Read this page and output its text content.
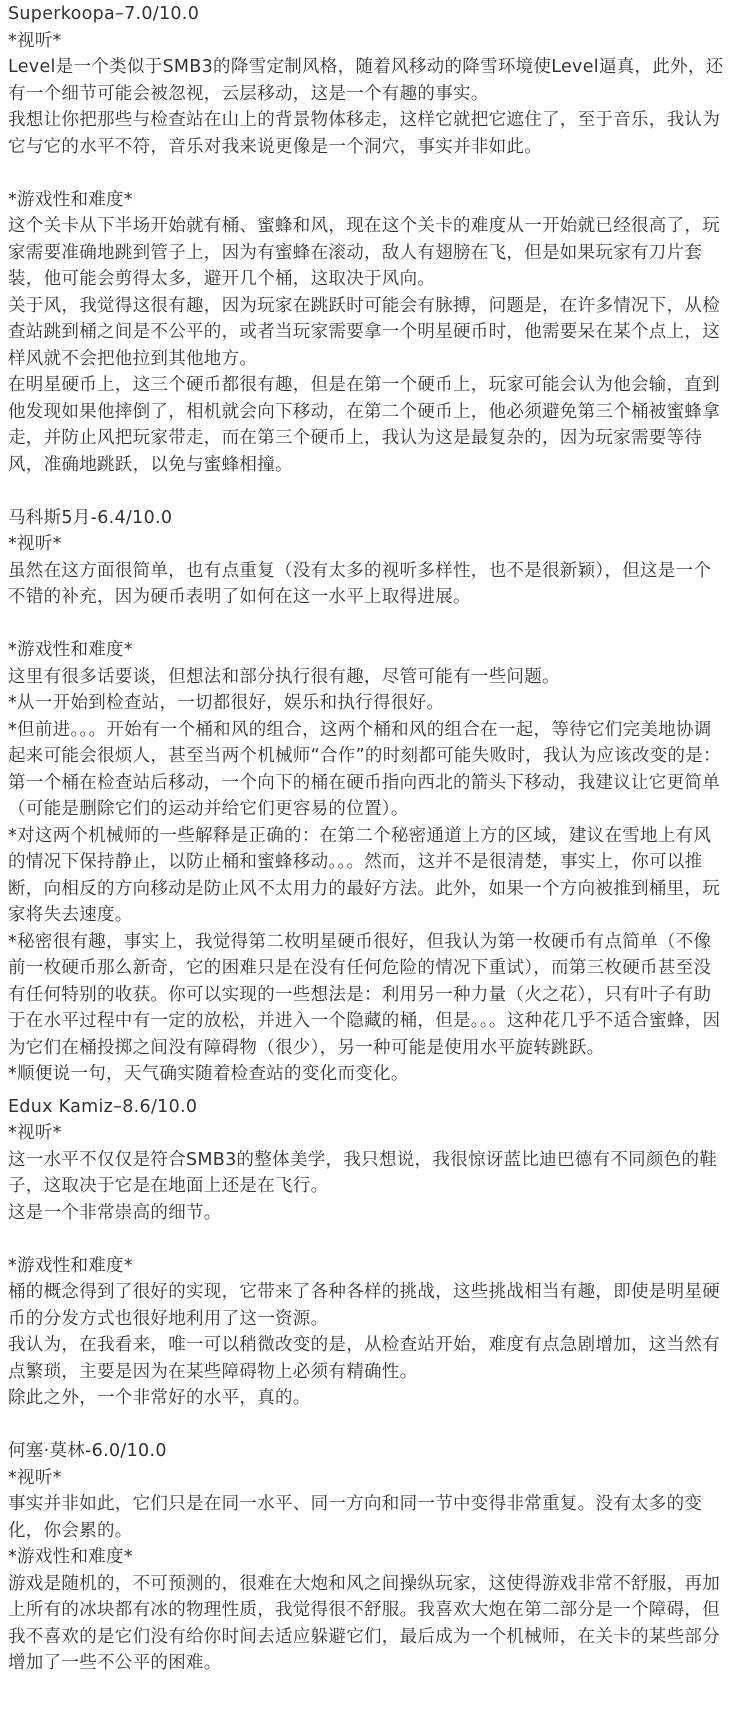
Superkoopa–7.0/10.0
*视听*
Level是一个类似于SMB3的降雪定制风格，随着风移动的降雪环境使Level逼真，此外，还有一个细节可能会被忽视，云层移动，这是一个有趣的事实。
我想让你把那些与检查站在山上的背景物体移走，这样它就把它遮住了，至于音乐，我认为它与它的水平不符，音乐对我来说更像是一个洞穴，事实并非如此。
*游戏性和难度*
这个关卡从下半场开始就有桶、蜜蜂和风，现在这个关卡的难度从一开始就已经很高了，玩家需要准确地跳到管子上，因为有蜜蜂在滚动，敌人有翅膀在飞，但是如果玩家有刀片套装，他可能会剪得太多，避开几个桶，这取决于风向。
关于风，我觉得这很有趣，因为玩家在跳跃时可能会有脉搏，问题是，在许多情况下，从检查站跳到桶之间是不公平的，或者当玩家需要拿一个明星硬币时，他需要呆在某个点上，这样风就不会把他拉到其他地方。
在明星硬币上，这三个硬币都很有趣，但是在第一个硬币上，玩家可能会认为他会输，直到他发现如果他摔倒了，相机就会向下移动，在第二个硬币上，他必须避免第三个桶被蜜蜂拿走，并防止风把玩家带走，而在第三个硬币上，我认为这是最复杂的，因为玩家需要等待风，准确地跳跃，以免与蜜蜂相撞。
马科斯5月-6.4/10.0
*视听*
虽然在这方面很简单，也有点重复（没有太多的视听多样性，也不是很新颖），但这是一个不错的补充，因为硬币表明了如何在这一水平上取得进展。
*游戏性和难度*
这里有很多话要谈，但想法和部分执行很有趣，尽管可能有一些问题。
*从一开始到检查站，一切都很好，娱乐和执行得很好。
*但前进。。。开始有一个桶和风的组合，这两个桶和风的组合在一起，等待它们完美地协调起来可能会很烦人，甚至当两个机械师“合作”的时刻都可能失败时，我认为应该改变的是：第一个桶在检查站后移动，一个向下的桶在硬币指向西北的箭头下移动，我建议让它更简单（可能是删除它们的运动并给它们更容易的位置）。
*对这两个机械师的一些解释是正确的：在第二个秘密通道上方的区域，建议在雪地上有风的情况下保持静止，以防止桶和蜜蜂移动。。。然而，这并不是很清楚，事实上，你可以推断，向相反的方向移动是防止风不太用力的最好方法。此外，如果一个方向被推到桶里，玩家将失去速度。
*秘密很有趣，事实上，我觉得第二枚明星硬币很好，但我认为第一枚硬币有点简单（不像前一枚硬币那么新奇，它的困难只是在没有任何危险的情况下重试），而第三枚硬币甚至没有任何特别的收获。你可以实现的一些想法是：利用另一种力量（火之花），只有叶子有助于在水平过程中有一定的放松，并进入一个隐藏的桶，但是。。。这种花几乎不适合蜜蜂，因为它们在桶投掷之间没有障碍物（很少），另一种可能是使用水平旋转跳跃。
*顺便说一句，天气确实随着检查站的变化而变化。
Edux Kamiz–8.6/10.0
*视听*
这一水平不仅仅是符合SMB3的整体美学，我只想说，我很惊讶蓝比迪巴德有不同颜色的鞋子，这取决于它是在地面上还是在飞行。
这是一个非常崇高的细节。
*游戏性和难度*
桶的概念得到了很好的实现，它带来了各种各样的挑战，这些挑战相当有趣，即使是明星硬币的分发方式也很好地利用了这一资源。
我认为，在我看来，唯一可以稍微改变的是，从检查站开始，难度有点急剧增加，这当然有点繁琐，主要是因为在某些障碍物上必须有精确性。
除此之外，一个非常好的水平，真的。
何塞·莫林-6.0/10.0
*视听*
事实并非如此，它们只是在同一水平、同一方向和同一节中变得非常重复。没有太多的变化，你会累的。
*游戏性和难度*
游戏是随机的，不可预测的，很难在大炮和风之间操纵玩家，这使得游戏非常不舒服，再加上所有的冰块都有冰的物理性质，我觉得很不舒服。我喜欢大炮在第二部分是一个障碍，但我不喜欢的是它们没有给你时间去适应躲避它们，最后成为一个机械师，在关卡的某些部分增加了一些不公平的困难。
